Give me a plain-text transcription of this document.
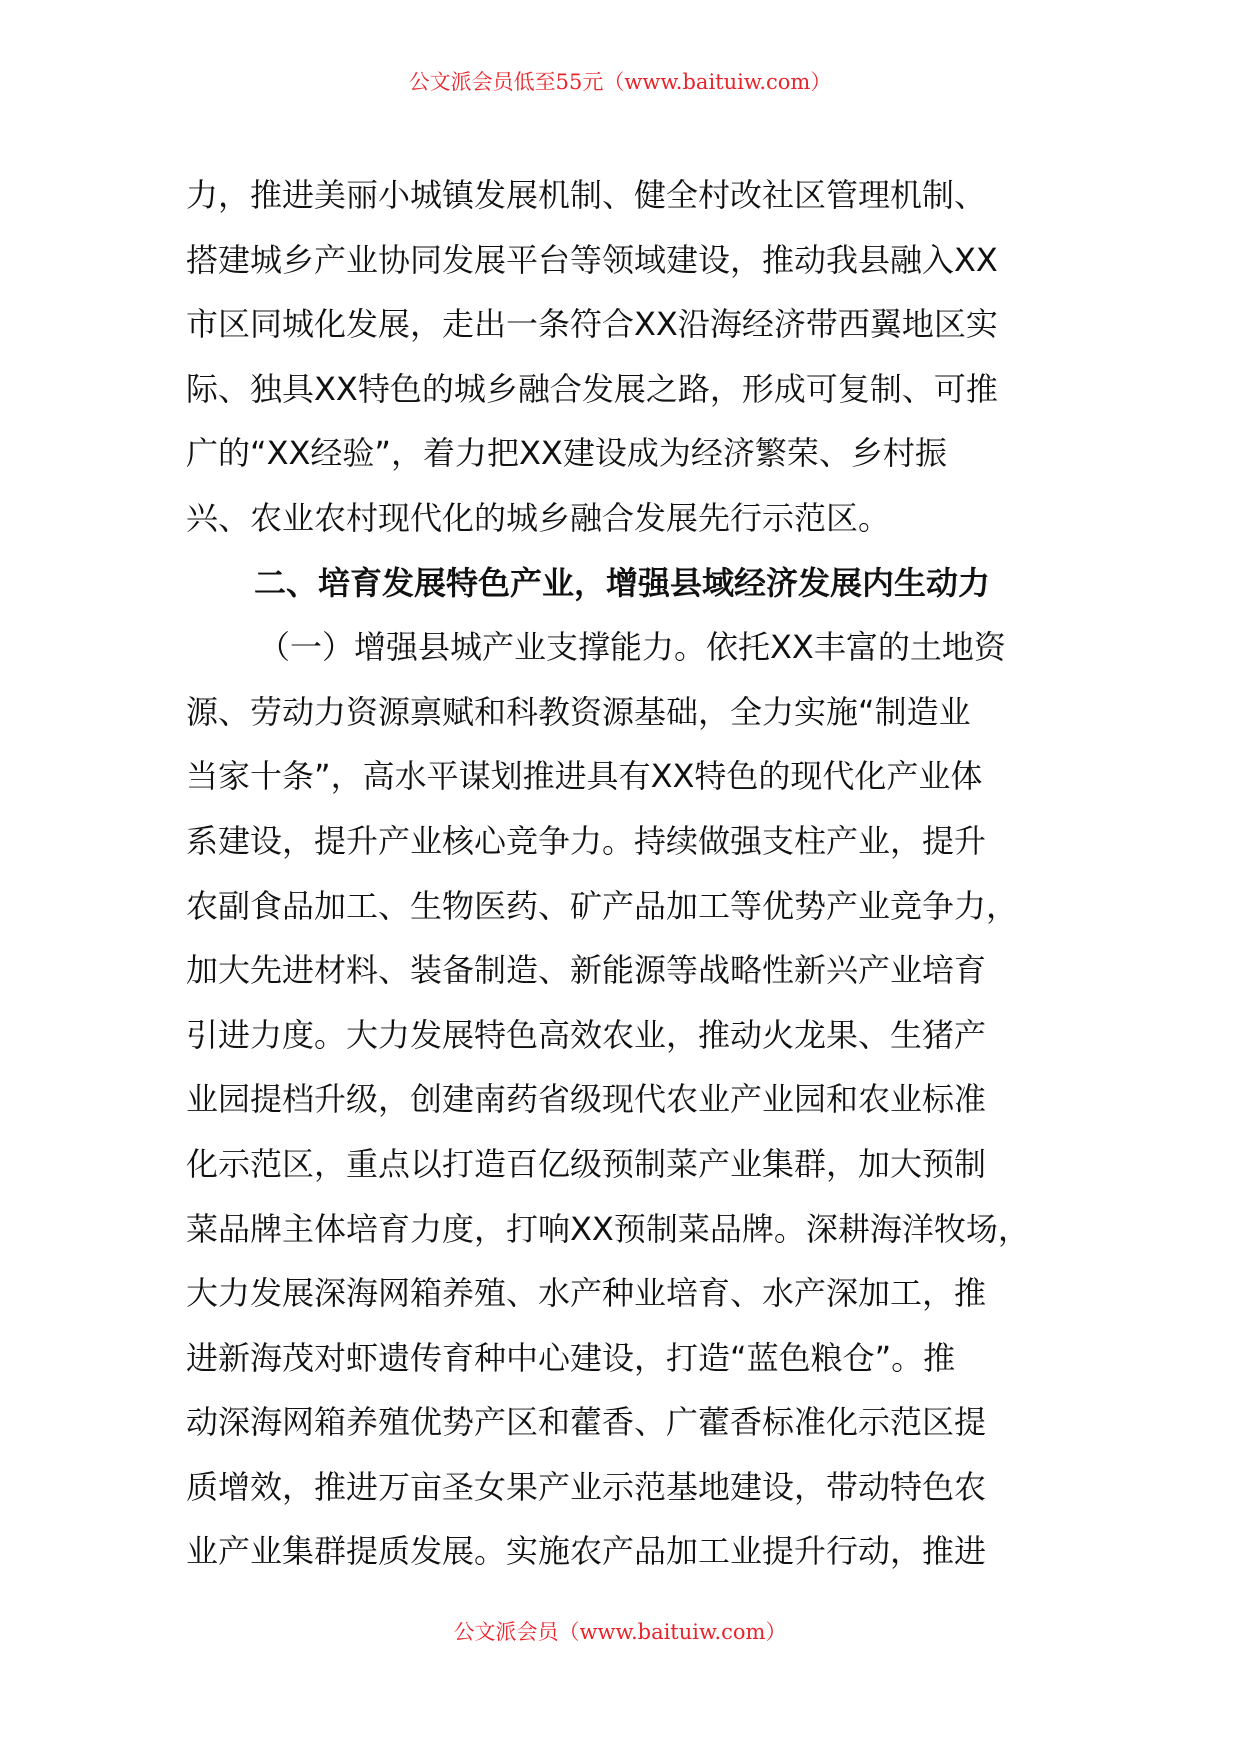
公文派会员低至55元（www.baituiw.com）
力，推进美丽小城镇发展机制、健全村改社区管理机制、
搭建城乡产业协同发展平台等领域建设，推动我县融入XX
市区同城化发展，走出一条符合XX沿海经济带西翼地区实
际、独具XX特色的城乡融合发展之路，形成可复制、可推
广的“XX经验”，着力把XX建设成为经济繁荣、乡村振
兴、农业农村现代化的城乡融合发展先行示范区。
二、培育发展特色产业，增强县域经济发展内生动力
（一）增强县城产业支撑能力。依托XX丰富的土地资
源、劳动力资源禀赋和科教资源基础，全力实施“制造业
当家十条”，高水平谋划推进具有XX特色的现代化产业体
系建设，提升产业核心竞争力。持续做强支柱产业，提升
农副食品加工、生物医药、矿产品加工等优势产业竞争力，
加大先进材料、装备制造、新能源等战略性新兴产业培育
引进力度。大力发展特色高效农业，推动火龙果、生猪产
业园提档升级，创建南药省级现代农业产业园和农业标准
化示范区，重点以打造百亿级预制菜产业集群，加大预制
菜品牌主体培育力度，打响XX预制菜品牌。深耕海洋牧场，
大力发展深海网箱养殖、水产种业培育、水产深加工，推
进新海茂对虾遗传育种中心建设，打造“蓝色粮仓”。推
动深海网箱养殖优势产区和藿香、广藿香标准化示范区提
质增效，推进万亩圣女果产业示范基地建设，带动特色农
业产业集群提质发展。实施农产品加工业提升行动，推进
公文派会员（www.baituiw.com）
